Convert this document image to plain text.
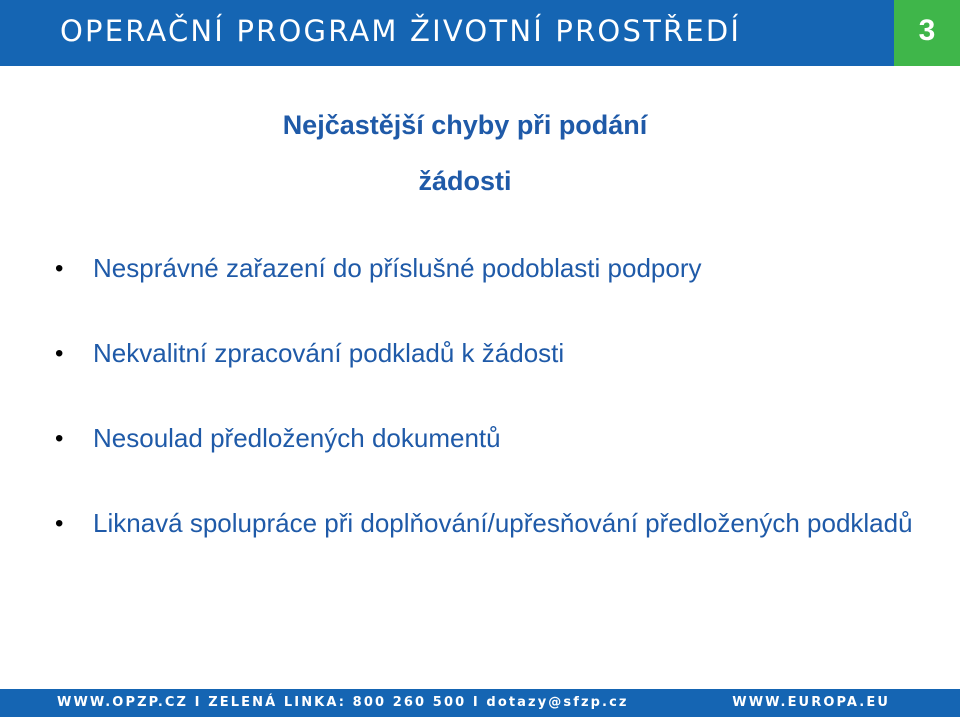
OPERAČNÍ PROGRAM ŽIVOTNÍ PROSTŘEDÍ	3
Nejčastější chyby při podání
žádosti
• Nesprávné zařazení do příslušné podoblasti podpory
• Nekvalitní zpracování podkladů k žádosti
• Nesoulad předložených dokumentů
• Liknavá spolupráce při doplňování/upřesňování předložených podkladů
WWW.OPZP.CZ I ZELENÁ LINKA: 800 260 500 I dotazy@sfzp.cz	WWW.EUROPA.EU
